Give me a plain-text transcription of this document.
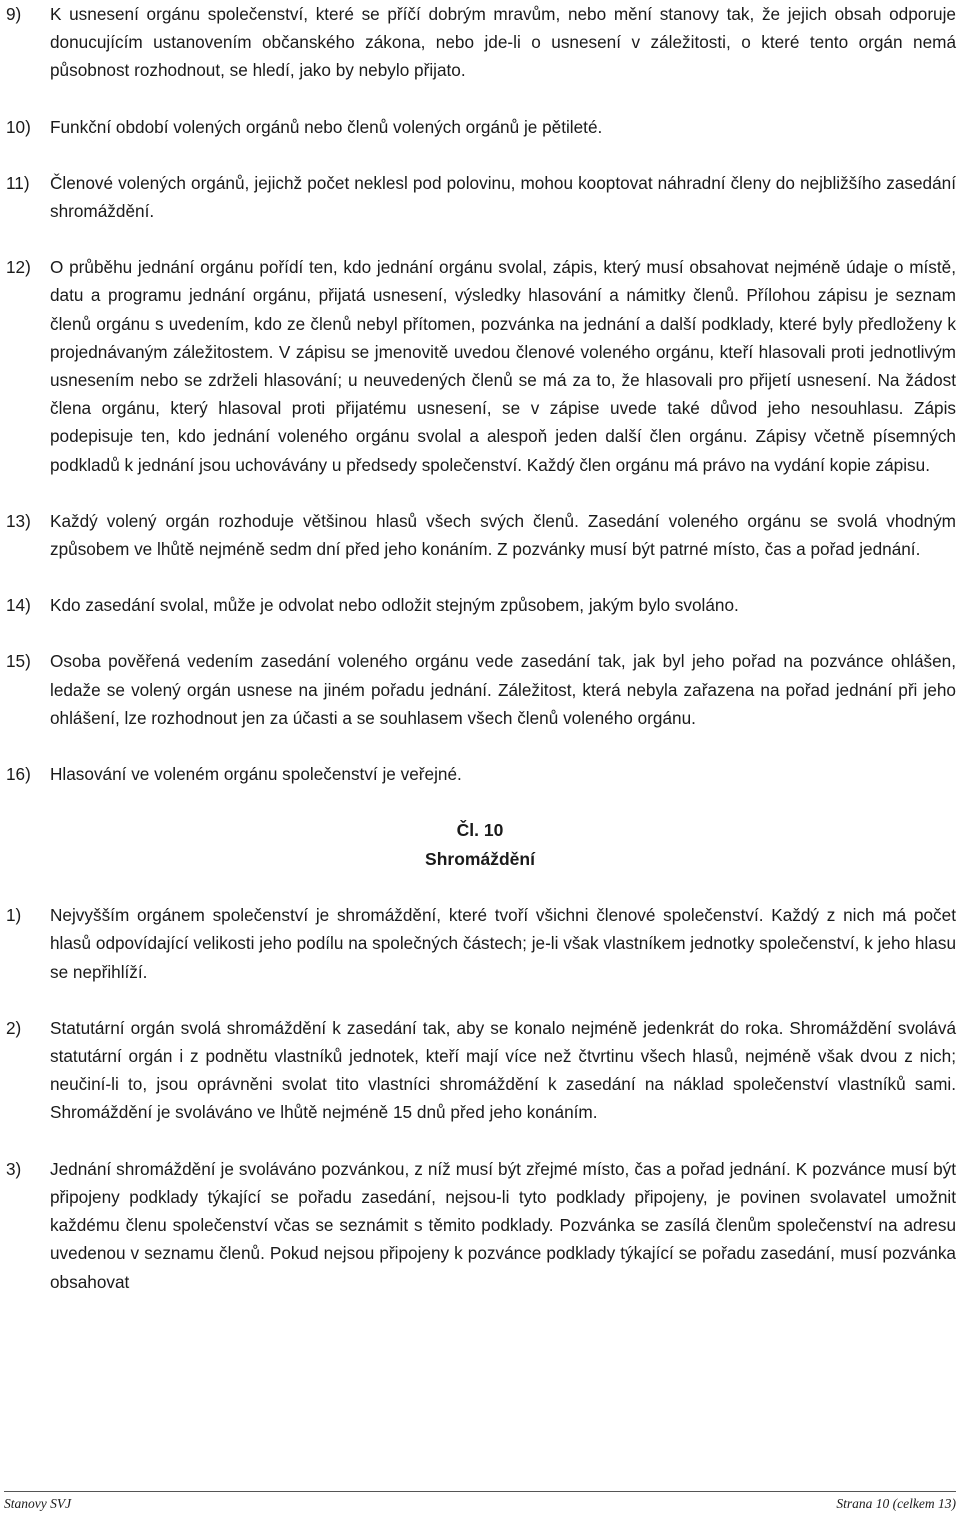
9) K usnesení orgánu společenství, které se příčí dobrým mravům, nebo mění stanovy tak, že jejich obsah odporuje donucujícím ustanovením občanského zákona, nebo jde-li o usnesení v záležitosti, o které tento orgán nemá působnost rozhodnout, se hledí, jako by nebylo přijato.

10) Funkční období volených orgánů nebo členů volených orgánů je pětileté.

11) Členové volených orgánů, jejichž počet neklesl pod polovinu, mohou kooptovat náhradní členy do nejbližšího zasedání shromáždění.

12) O průběhu jednání orgánu pořídí ten, kdo jednání orgánu svolal, zápis, který musí obsahovat nejméně údaje o místě, datu a programu jednání orgánu, přijatá usnesení, výsledky hlasování a námitky členů. Přílohou zápisu je seznam členů orgánu s uvedením, kdo ze členů nebyl přítomen, pozvánka na jednání a další podklady, které byly předloženy k projednávaným záležitostem. V zápisu se jmenovitě uvedou členové voleného orgánu, kteří hlasovali proti jednotlivým usnesením nebo se zdrželi hlasování; u neuvedených členů se má za to, že hlasovali pro přijetí usnesení. Na žádost člena orgánu, který hlasoval proti přijatému usnesení, se v zápise uvede také důvod jeho nesouhlasu. Zápis podepisuje ten, kdo jednání voleného orgánu svolal a alespoň jeden další člen orgánu. Zápisy včetně písemných podkladů k jednání jsou uchovávány u předsedy společenství. Každý člen orgánu má právo na vydání kopie zápisu.

13) Každý volený orgán rozhoduje většinou hlasů všech svých členů. Zasedání voleného orgánu se svolá vhodným způsobem ve lhůtě nejméně sedm dní před jeho konáním. Z pozvánky musí být patrné místo, čas a pořad jednání.

14) Kdo zasedání svolal, může je odvolat nebo odložit stejným způsobem, jakým bylo svoláno.

15) Osoba pověřená vedením zasedání voleného orgánu vede zasedání tak, jak byl jeho pořad na pozvánce ohlášen, ledaže se volený orgán usnese na jiném pořadu jednání. Záležitost, která nebyla zařazena na pořad jednání při jeho ohlášení, lze rozhodnout jen za účasti a se souhlasem všech členů voleného orgánu.

16) Hlasování ve voleném orgánu společenství je veřejné.

Čl. 10

Shromáždění

1) Nejvyšším orgánem společenství je shromáždění, které tvoří všichni členové společenství. Každý z nich má počet hlasů odpovídající velikosti jeho podílu na společných částech; je-li však vlastníkem jednotky společenství, k jeho hlasu se nepřihlíží.

2) Statutární orgán svolá shromáždění k zasedání tak, aby se konalo nejméně jedenkrát do roka. Shromáždění svolává statutární orgán i z podnětu vlastníků jednotek, kteří mají více než čtvrtinu všech hlasů, nejméně však dvou z nich; neučiní-li to, jsou oprávněni svolat tito vlastníci shromáždění k zasedání na náklad společenství vlastníků sami. Shromáždění je svoláváno ve lhůtě nejméně 15 dnů před jeho konáním.

3) Jednání shromáždění je svoláváno pozvánkou, z níž musí být zřejmé místo, čas a pořad jednání. K pozvánce musí být připojeny podklady týkající se pořadu zasedání, nejsou-li tyto podklady připojeny, je povinen svolavatel umožnit každému členu společenství včas se seznámit s těmito podklady. Pozvánka se zasílá členům společenství na adresu uvedenou v seznamu členů. Pokud nejsou připojeny k pozvánce podklady týkající se pořadu zasedání, musí pozvánka obsahovat

Stanovy SVJ	Strana 10 (celkem 13)
